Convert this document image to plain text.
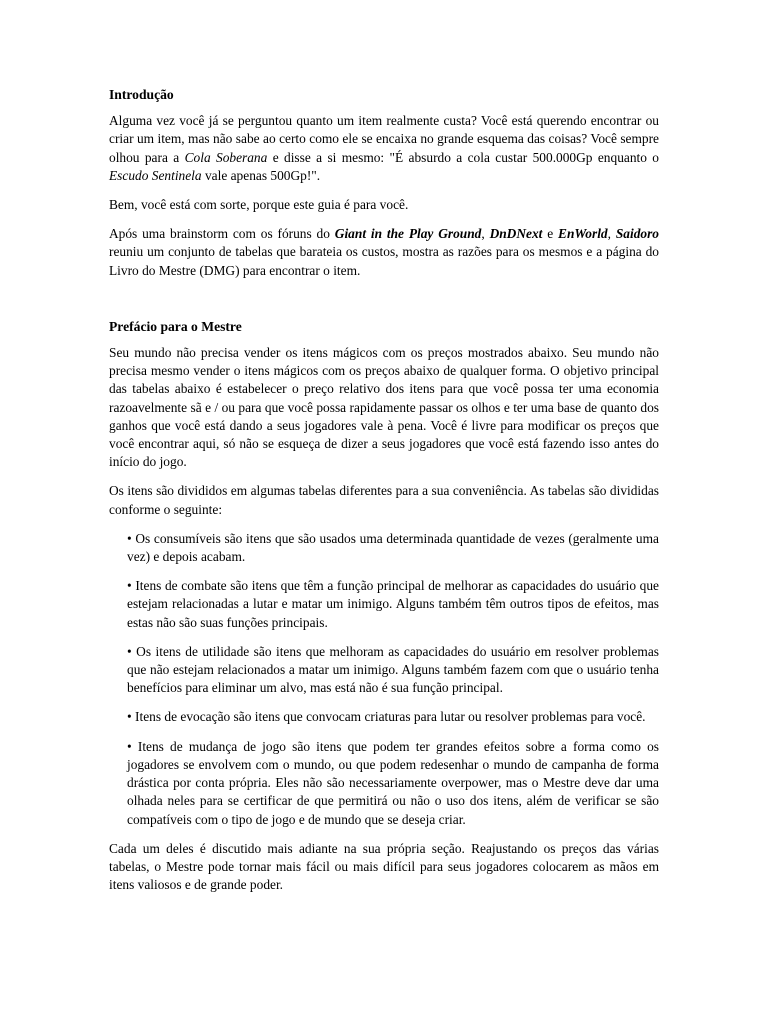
Introdução

Alguma vez você já se perguntou quanto um item realmente custa? Você está querendo encontrar ou criar um item, mas não sabe ao certo como ele se encaixa no grande esquema das coisas? Você sempre olhou para a Cola Soberana e disse a si mesmo: "É absurdo a cola custar 500.000Gp enquanto o Escudo Sentinela vale apenas 500Gp!".

Bem, você está com sorte, porque este guia é para você.

Após uma brainstorm com os fóruns do Giant in the Play Ground, DnDNext e EnWorld, Saidoro reuniu um conjunto de tabelas que barateia os custos, mostra as razões para os mesmos e a página do Livro do Mestre (DMG) para encontrar o item.

Prefácio para o Mestre

Seu mundo não precisa vender os itens mágicos com os preços mostrados abaixo. Seu mundo não precisa mesmo vender o itens mágicos com os preços abaixo de qualquer forma. O objetivo principal das tabelas abaixo é estabelecer o preço relativo dos itens para que você possa ter uma economia razoavelmente sã e / ou para que você possa rapidamente passar os olhos e ter uma base de quanto dos ganhos que você está dando a seus jogadores vale à pena. Você é livre para modificar os preços que você encontrar aqui, só não se esqueça de dizer a seus jogadores que você está fazendo isso antes do início do jogo.

Os itens são divididos em algumas tabelas diferentes para a sua conveniência. As tabelas são divididas conforme o seguinte:

• Os consumíveis são itens que são usados uma determinada quantidade de vezes (geralmente uma vez) e depois acabam.

• Itens de combate são itens que têm a função principal de melhorar as capacidades do usuário que estejam relacionadas a lutar e matar um inimigo. Alguns também têm outros tipos de efeitos, mas estas não são suas funções principais.

• Os itens de utilidade são itens que melhoram as capacidades do usuário em resolver problemas que não estejam relacionados a matar um inimigo. Alguns também fazem com que o usuário tenha benefícios para eliminar um alvo, mas está não é sua função principal.

• Itens de evocação são itens que convocam criaturas para lutar ou resolver problemas para você.

• Itens de mudança de jogo são itens que podem ter grandes efeitos sobre a forma como os jogadores se envolvem com o mundo, ou que podem redesenhar o mundo de campanha de forma drástica por conta própria. Eles não são necessariamente overpower, mas o Mestre deve dar uma olhada neles para se certificar de que permitirá ou não o uso dos itens, além de verificar se são compatíveis com o tipo de jogo e de mundo que se deseja criar.

Cada um deles é discutido mais adiante na sua própria seção. Reajustando os preços das várias tabelas, o Mestre pode tornar mais fácil ou mais difícil para seus jogadores colocarem as mãos em itens valiosos e de grande poder.
